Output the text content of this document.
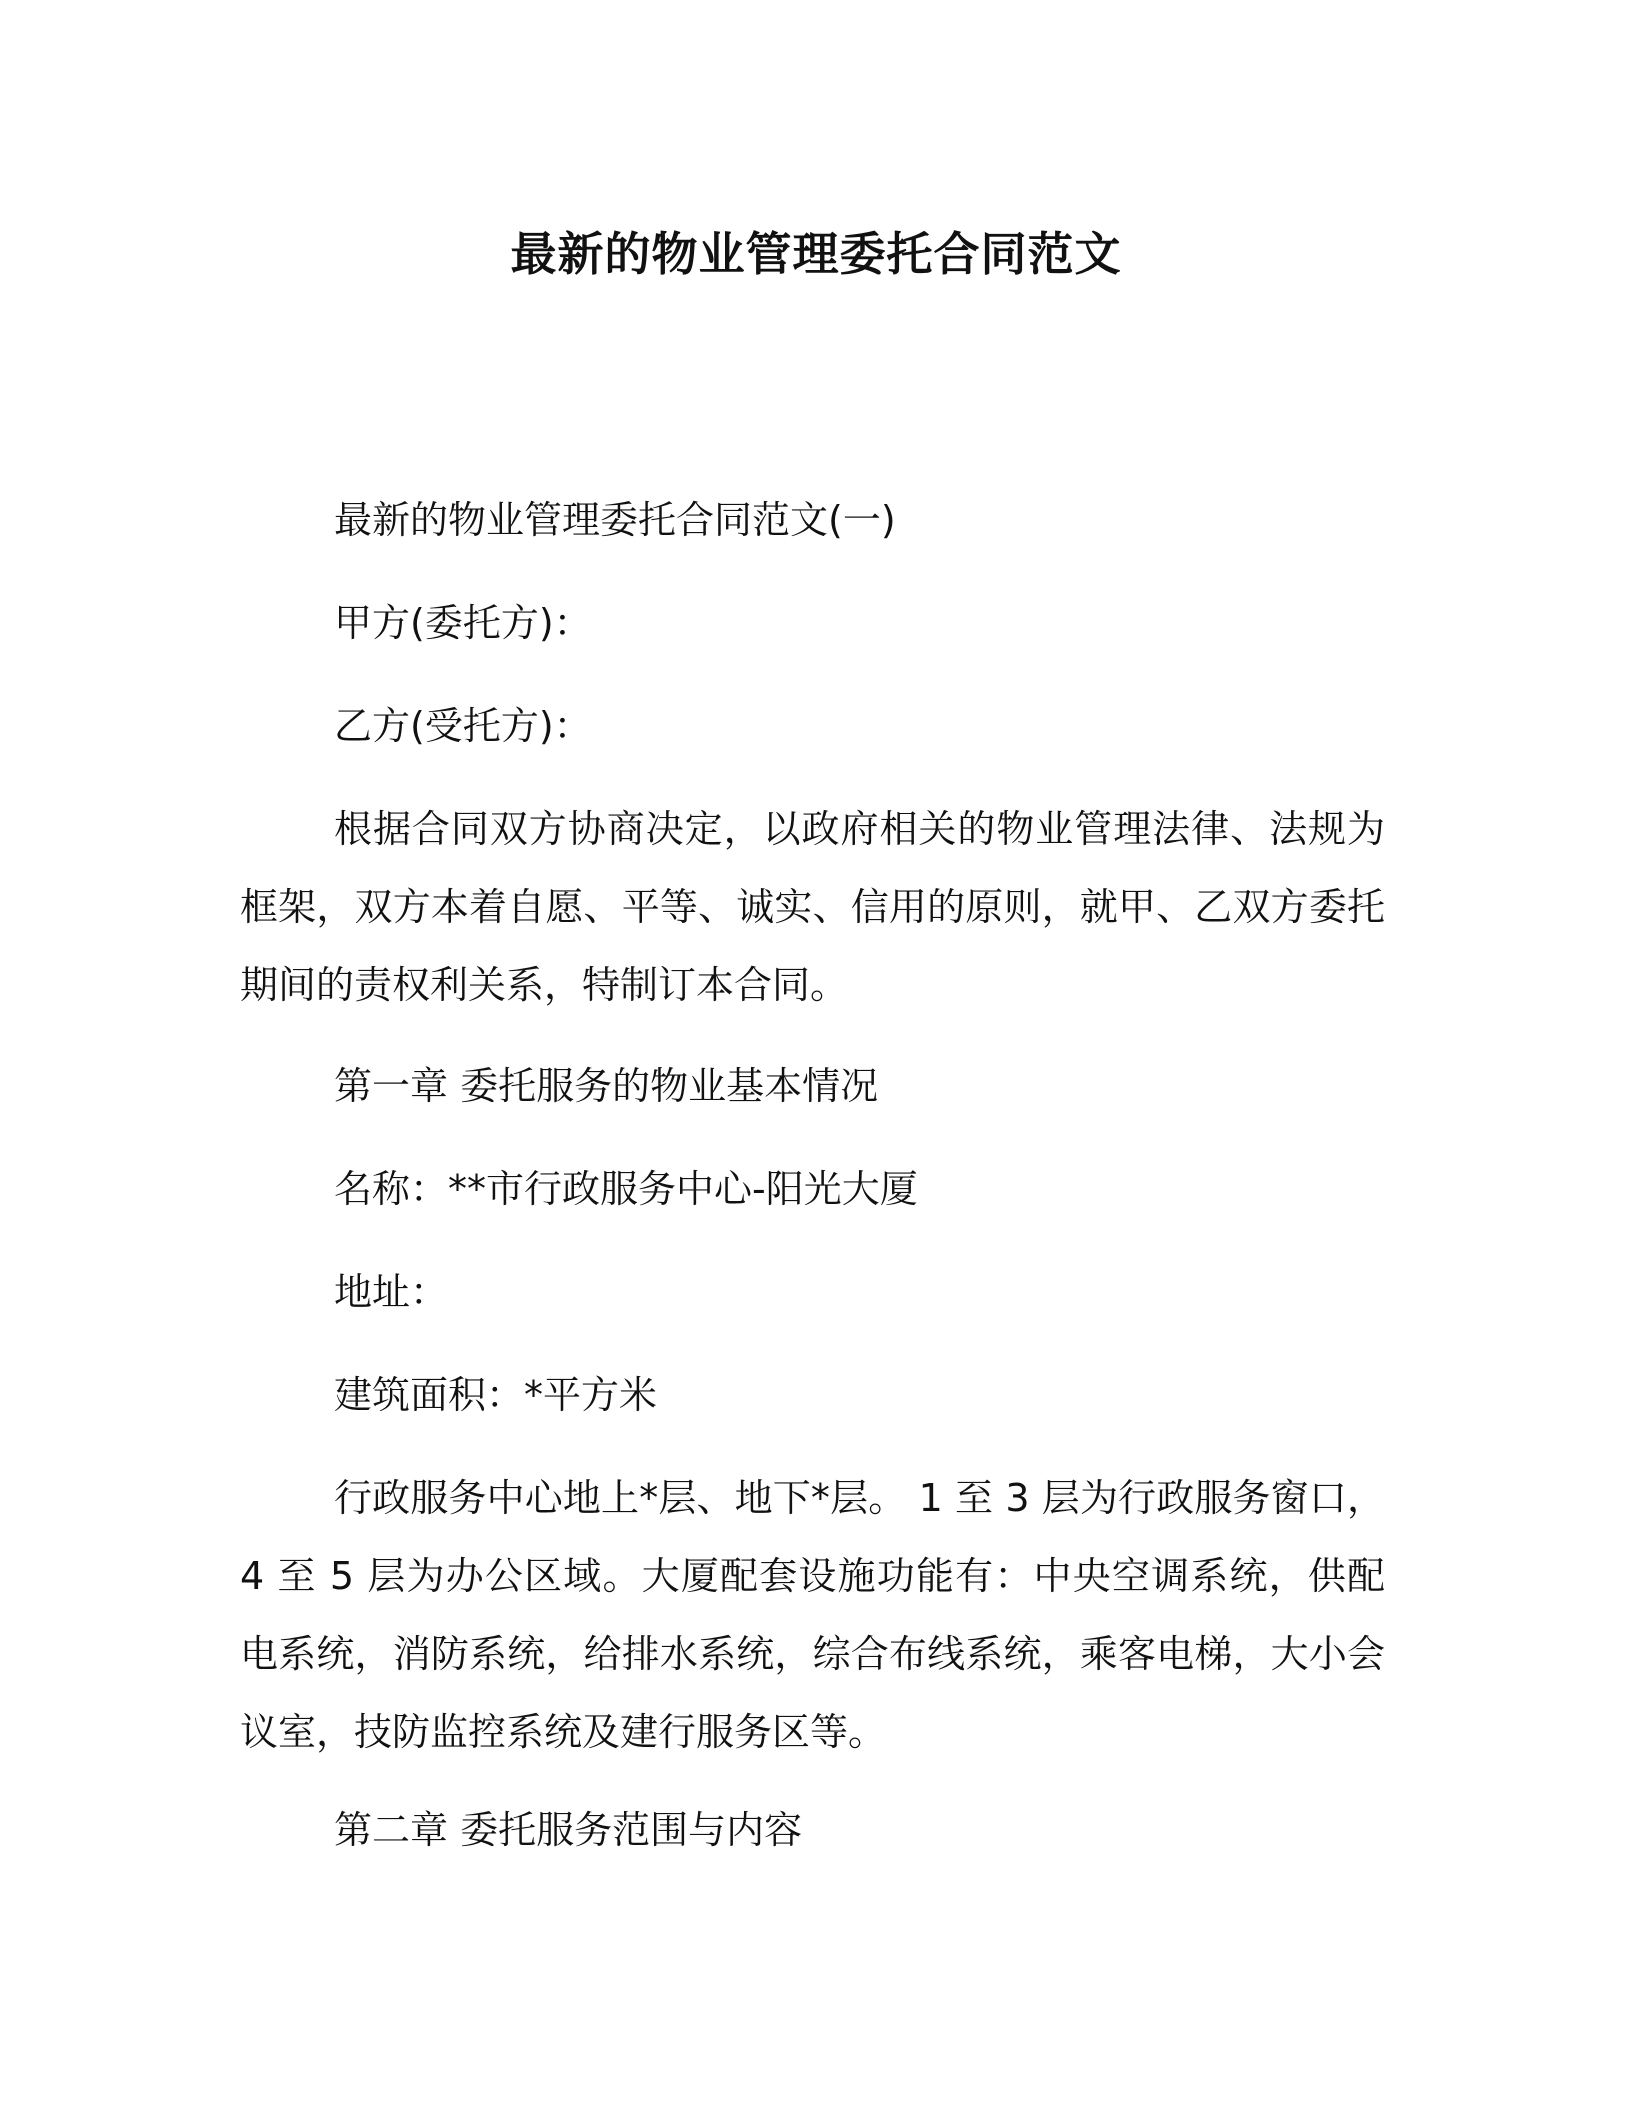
最新的物业管理委托合同范文

最新的物业管理委托合同范文(一)

甲方(委托方)：

乙方(受托方)：

根据合同双方协商决定，以政府相关的物业管理法律、法规为框架，双方本着自愿、平等、诚实、信用的原则，就甲、乙双方委托期间的责权利关系，特制订本合同。

第一章 委托服务的物业基本情况

名称：**市行政服务中心-阳光大厦

地址：

建筑面积：*平方米

行政服务中心地上*层、地下*层。 1 至 3 层为行政服务窗口，4 至 5 层为办公区域。大厦配套设施功能有：中央空调系统，供配电系统，消防系统，给排水系统，综合布线系统，乘客电梯，大小会议室，技防监控系统及建行服务区等。

第二章 委托服务范围与内容
